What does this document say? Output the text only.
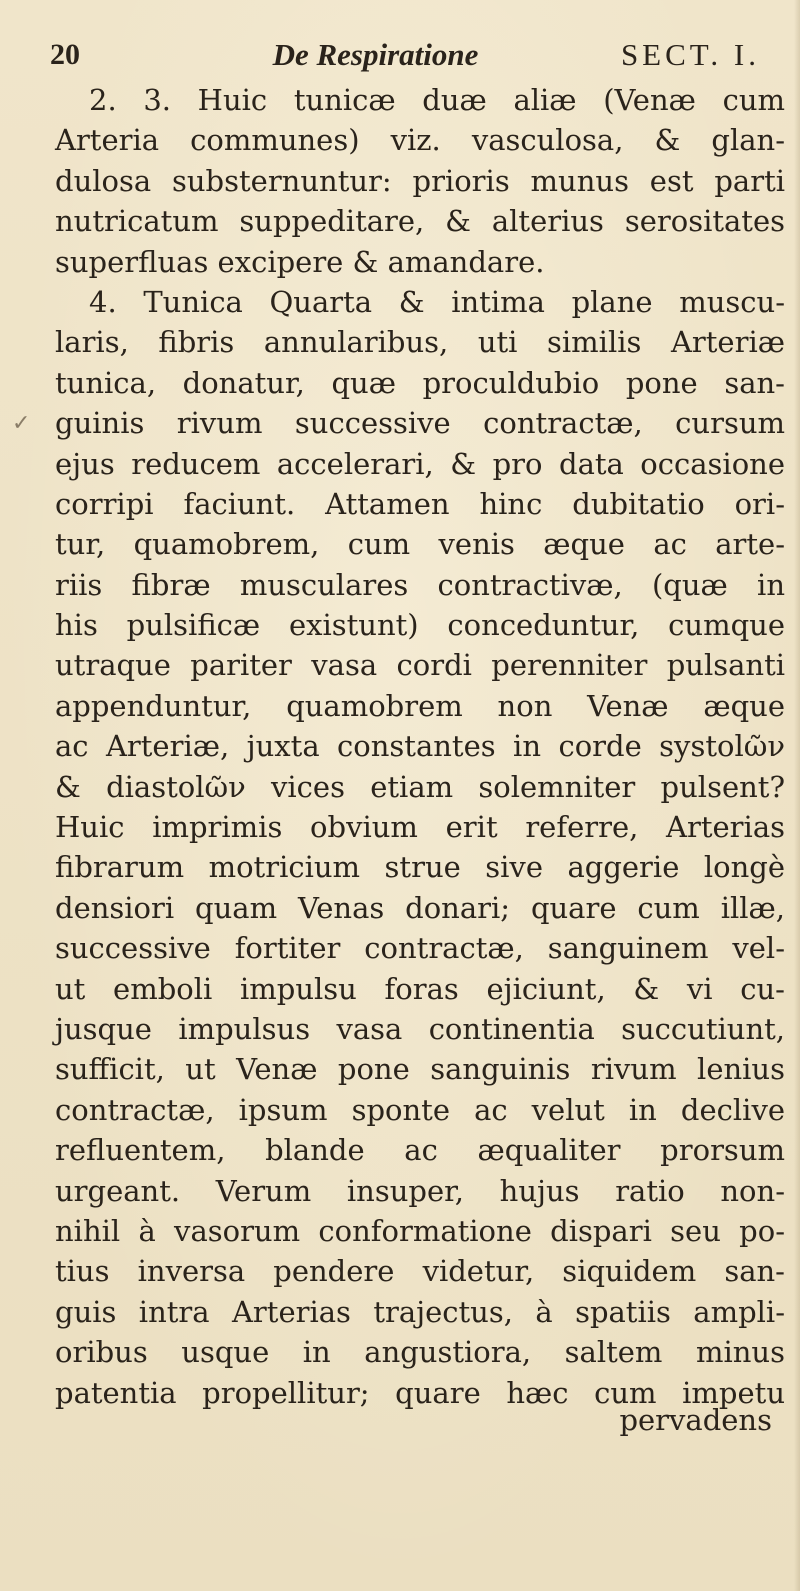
20	De Respiratione	SECT. I.
✓
2. 3. Huic tunicæ duæ aliæ (Venæ cum
Arteria communes) viz. vasculosa, & glan-
dulosa substernuntur: prioris munus est parti
nutricatum suppeditare, & alterius serositates
superfluas excipere & amandare.
4. Tunica Quarta & intima plane muscu-
laris, fibris annularibus, uti similis Arteriæ
tunica, donatur, quæ proculdubio pone san-
guinis rivum successive contractæ, cursum
ejus reducem accelerari, & pro data occasione
corripi faciunt. Attamen hinc dubitatio ori-
tur, quamobrem, cum venis æque ac arte-
riis fibræ musculares contractivæ, (quæ in
his pulsificæ existunt) conceduntur, cumque
utraque pariter vasa cordi perenniter pulsanti
appenduntur, quamobrem non Venæ æque
ac Arteriæ, juxta constantes in corde systolῶν
& diastolῶν vices etiam solemniter pulsent?
Huic imprimis obvium erit referre, Arterias
fibrarum motricium strue sive aggerie longè
densiori quam Venas donari; quare cum illæ,
successive fortiter contractæ, sanguinem vel-
ut emboli impulsu foras ejiciunt, & vi cu-
jusque impulsus vasa continentia succutiunt,
sufficit, ut Venæ pone sanguinis rivum lenius
contractæ, ipsum sponte ac velut in declive
refluentem, blande ac æqualiter prorsum
urgeant. Verum insuper, hujus ratio non-
nihil à vasorum conformatione dispari seu po-
tius inversa pendere videtur, siquidem san-
guis intra Arterias trajectus, à spatiis ampli-
oribus usque in angustiora, saltem minus
patentia propellitur; quare hæc cum impetu
pervadens
